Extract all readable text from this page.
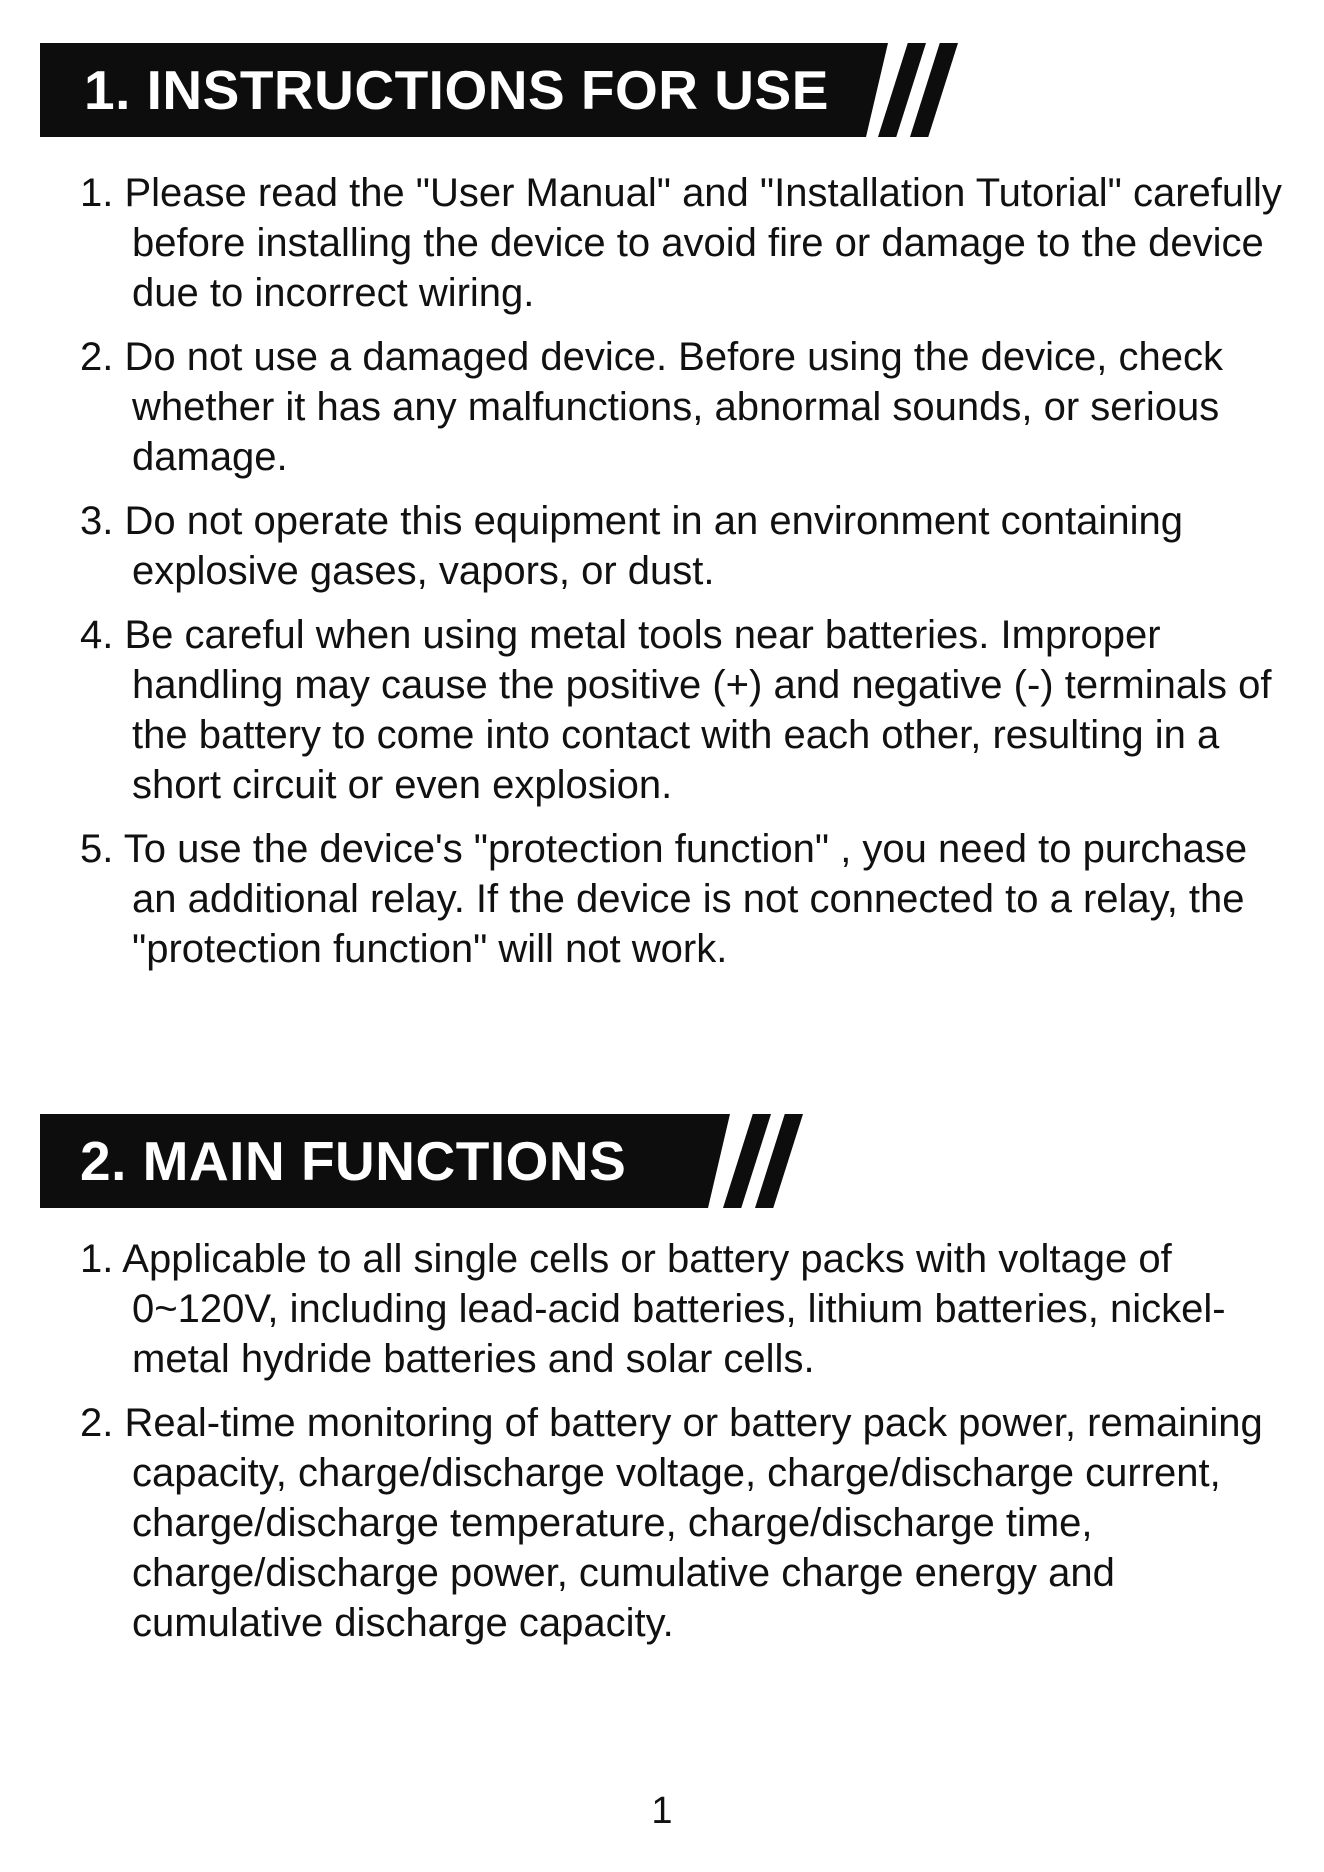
1. INSTRUCTIONS FOR USE
1. Please read the "User Manual" and "Installation Tutorial" carefully before installing the device to avoid fire or damage to the device due to incorrect wiring.
2. Do not use a damaged device. Before using the device, check whether it has any malfunctions, abnormal sounds, or serious damage.
3. Do not operate this equipment in an environment containing explosive gases, vapors, or dust.
4. Be careful when using metal tools near batteries. Improper handling may cause the positive (+) and negative (-) terminals of the battery to come into contact with each other, resulting in a short circuit or even explosion.
5. To use the device's "protection function" , you need to purchase an additional relay. If the device is not connected to a relay, the "protection function" will not work.
2. MAIN FUNCTIONS
1. Applicable to all single cells or battery packs with voltage of 0~120V, including lead-acid batteries, lithium batteries, nickel-metal hydride batteries and solar cells.
2. Real-time monitoring of battery or battery pack power, remaining capacity, charge/discharge voltage, charge/discharge current, charge/discharge temperature, charge/discharge time, charge/discharge power, cumulative charge energy and cumulative discharge capacity.
1
